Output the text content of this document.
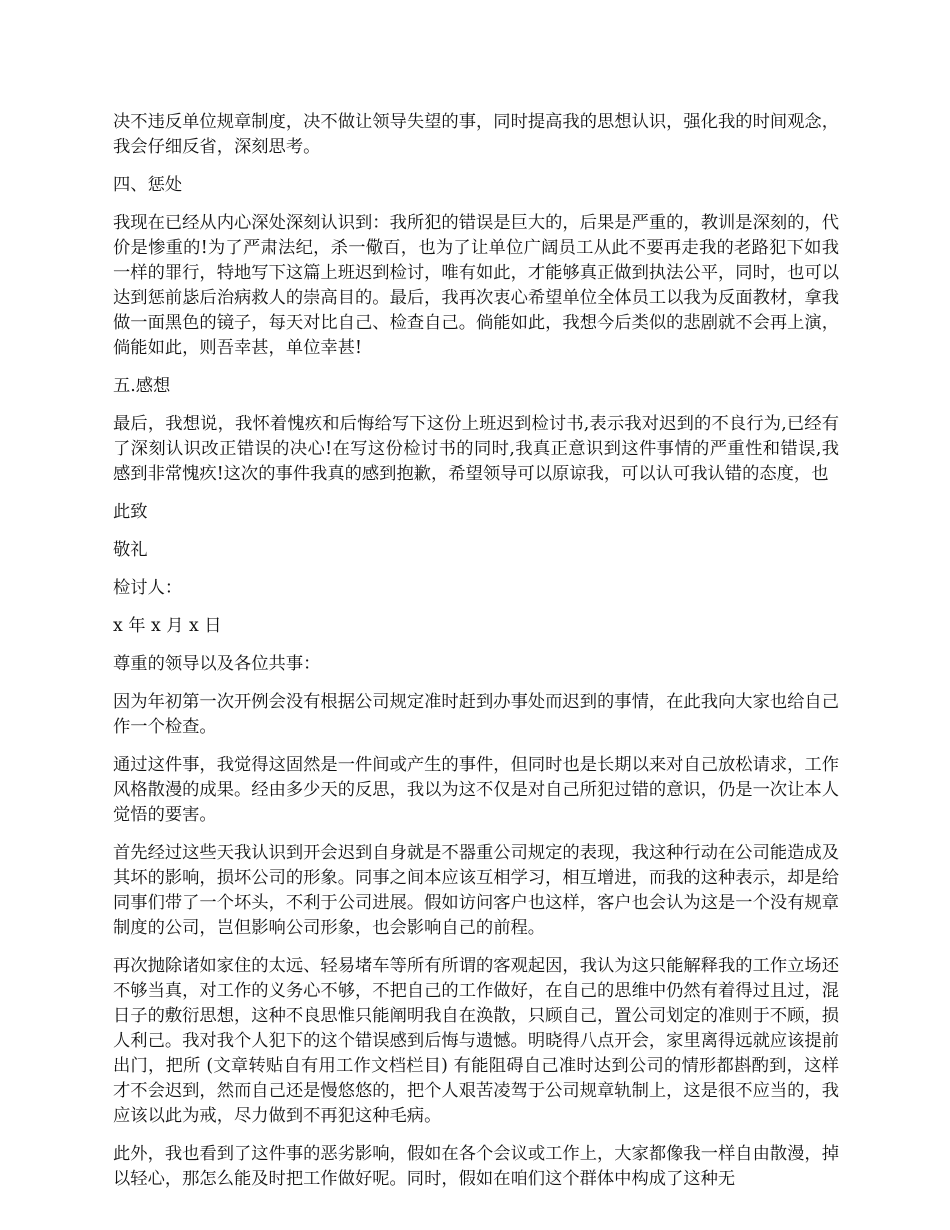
决不违反单位规章制度，决不做让领导失望的事，同时提高我的思想认识，强化我的时间观念，我会仔细反省，深刻思考。

四、惩处

我现在已经从内心深处深刻认识到：我所犯的错误是巨大的，后果是严重的，教训是深刻的，代价是惨重的!为了严肃法纪，杀一儆百，也为了让单位广阔员工从此不要再走我的老路犯下如我一样的罪行，特地写下这篇上班迟到检讨，唯有如此，才能够真正做到执法公平，同时，也可以达到惩前毖后治病救人的崇高目的。最后，我再次衷心希望单位全体员工以我为反面教材，拿我做一面黑色的镜子，每天对比自己、检查自己。倘能如此，我想今后类似的悲剧就不会再上演，倘能如此，则吾幸甚，单位幸甚!

五.感想

最后，我想说，我怀着愧疚和后悔给写下这份上班迟到检讨书,表示我对迟到的不良行为,已经有了深刻认识改正错误的决心!在写这份检讨书的同时,我真正意识到这件事情的严重性和错误,我感到非常愧疚!这次的事件我真的感到抱歉，希望领导可以原谅我，可以认可我认错的态度，也

此致

敬礼

检讨人：

x 年 x 月 x 日

尊重的领导以及各位共事：

因为年初第一次开例会没有根据公司规定准时赶到办事处而迟到的事情，在此我向大家也给自己作一个检查。

通过这件事，我觉得这固然是一件间或产生的事件，但同时也是长期以来对自己放松请求，工作风格散漫的成果。经由多少天的反思，我以为这不仅是对自己所犯过错的意识，仍是一次让本人觉悟的要害。

首先经过这些天我认识到开会迟到自身就是不器重公司规定的表现，我这种行动在公司能造成及其坏的影响，损坏公司的形象。同事之间本应该互相学习，相互增进，而我的这种表示，却是给同事们带了一个坏头，不利于公司进展。假如访问客户也这样，客户也会认为这是一个没有规章制度的公司，岂但影响公司形象，也会影响自己的前程。

再次抛除诸如家住的太远、轻易堵车等所有所谓的客观起因，我认为这只能解释我的工作立场还不够当真，对工作的义务心不够，不把自己的工作做好，在自己的思维中仍然有着得过且过，混日子的敷衍思想，这种不良思惟只能阐明我自在涣散，只顾自己，置公司划定的准则于不顾，损人利己。我对我个人犯下的这个错误感到后悔与遗憾。明晓得八点开会，家里离得远就应该提前出门，把所 (文章转贴自有用工作文档栏目) 有能阻碍自己准时达到公司的情形都斟酌到，这样才不会迟到，然而自己还是慢悠悠的，把个人艰苦凌驾于公司规章轨制上，这是很不应当的，我应该以此为戒，尽力做到不再犯这种毛病。

此外，我也看到了这件事的恶劣影响，假如在各个会议或工作上，大家都像我一样自由散漫，掉以轻心，那怎么能及时把工作做好呢。同时，假如在咱们这个群体中构成了这种无
